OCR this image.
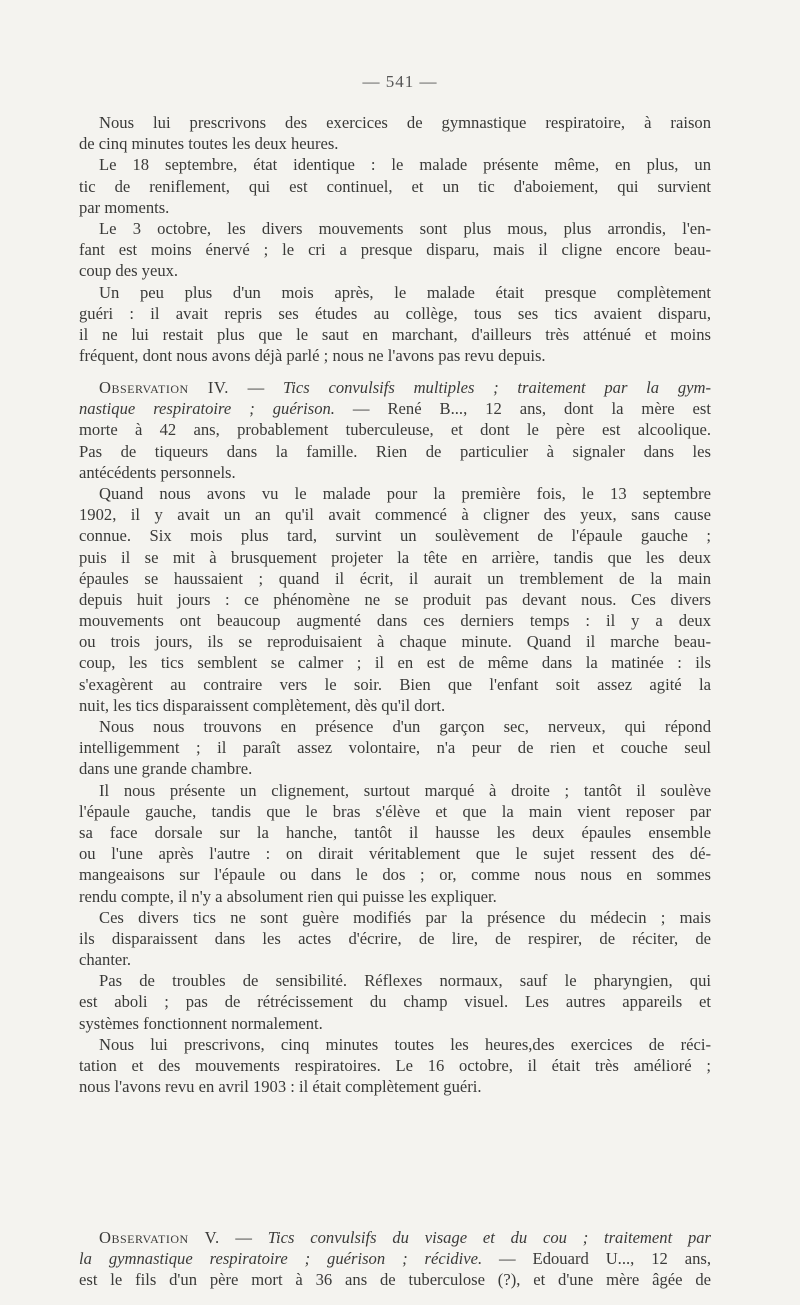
— 541 —
Nous lui prescrivons des exercices de gymnastique respiratoire, à raison
de cinq minutes toutes les deux heures.
Le 18 septembre, état identique : le malade présente même, en plus, un
tic de reniflement, qui est continuel, et un tic d'aboiement, qui survient
par moments.
Le 3 octobre, les divers mouvements sont plus mous, plus arrondis, l'en-
fant est moins énervé ; le cri a presque disparu, mais il cligne encore beau-
coup des yeux.
Un peu plus d'un mois après, le malade était presque complètement
guéri : il avait repris ses études au collège, tous ses tics avaient disparu,
il ne lui restait plus que le saut en marchant, d'ailleurs très atténué et moins
fréquent, dont nous avons déjà parlé ; nous ne l'avons pas revu depuis.
Observation IV. — Tics convulsifs multiples ; traitement par la gym-
nastique respiratoire ; guérison. — René B..., 12 ans, dont la mère est
morte à 42 ans, probablement tuberculeuse, et dont le père est alcoolique.
Pas de tiqueurs dans la famille. Rien de particulier à signaler dans les
antécédents personnels.
Quand nous avons vu le malade pour la première fois, le 13 septembre
1902, il y avait un an qu'il avait commencé à cligner des yeux, sans cause
connue. Six mois plus tard, survint un soulèvement de l'épaule gauche ;
puis il se mit à brusquement projeter la tête en arrière, tandis que les deux
épaules se haussaient ; quand il écrit, il aurait un tremblement de la main
depuis huit jours : ce phénomène ne se produit pas devant nous. Ces divers
mouvements ont beaucoup augmenté dans ces derniers temps : il y a deux
ou trois jours, ils se reproduisaient à chaque minute. Quand il marche beau-
coup, les tics semblent se calmer ; il en est de même dans la matinée : ils
s'exagèrent au contraire vers le soir. Bien que l'enfant soit assez agité la
nuit, les tics disparaissent complètement, dès qu'il dort.
Nous nous trouvons en présence d'un garçon sec, nerveux, qui répond
intelligemment ; il paraît assez volontaire, n'a peur de rien et couche seul
dans une grande chambre.
Il nous présente un clignement, surtout marqué à droite ; tantôt il soulève
l'épaule gauche, tandis que le bras s'élève et que la main vient reposer par
sa face dorsale sur la hanche, tantôt il hausse les deux épaules ensemble
ou l'une après l'autre : on dirait véritablement que le sujet ressent des dé-
mangeaisons sur l'épaule ou dans le dos ; or, comme nous nous en sommes
rendu compte, il n'y a absolument rien qui puisse les expliquer.
Ces divers tics ne sont guère modifiés par la présence du médecin ; mais
ils disparaissent dans les actes d'écrire, de lire, de respirer, de réciter, de
chanter.
Pas de troubles de sensibilité. Réflexes normaux, sauf le pharyngien, qui
est aboli ; pas de rétrécissement du champ visuel. Les autres appareils et
systèmes fonctionnent normalement.
Nous lui prescrivons, cinq minutes toutes les heures,des exercices de réci-
tation et des mouvements respiratoires. Le 16 octobre, il était très amélioré ;
nous l'avons revu en avril 1903 : il était complètement guéri.
Observation V. — Tics convulsifs du visage et du cou ; traitement par
la gymnastique respiratoire ; guérison ; récidive. — Edouard U..., 12 ans,
est le fils d'un père mort à 36 ans de tuberculose (?), et d'une mère âgée de
